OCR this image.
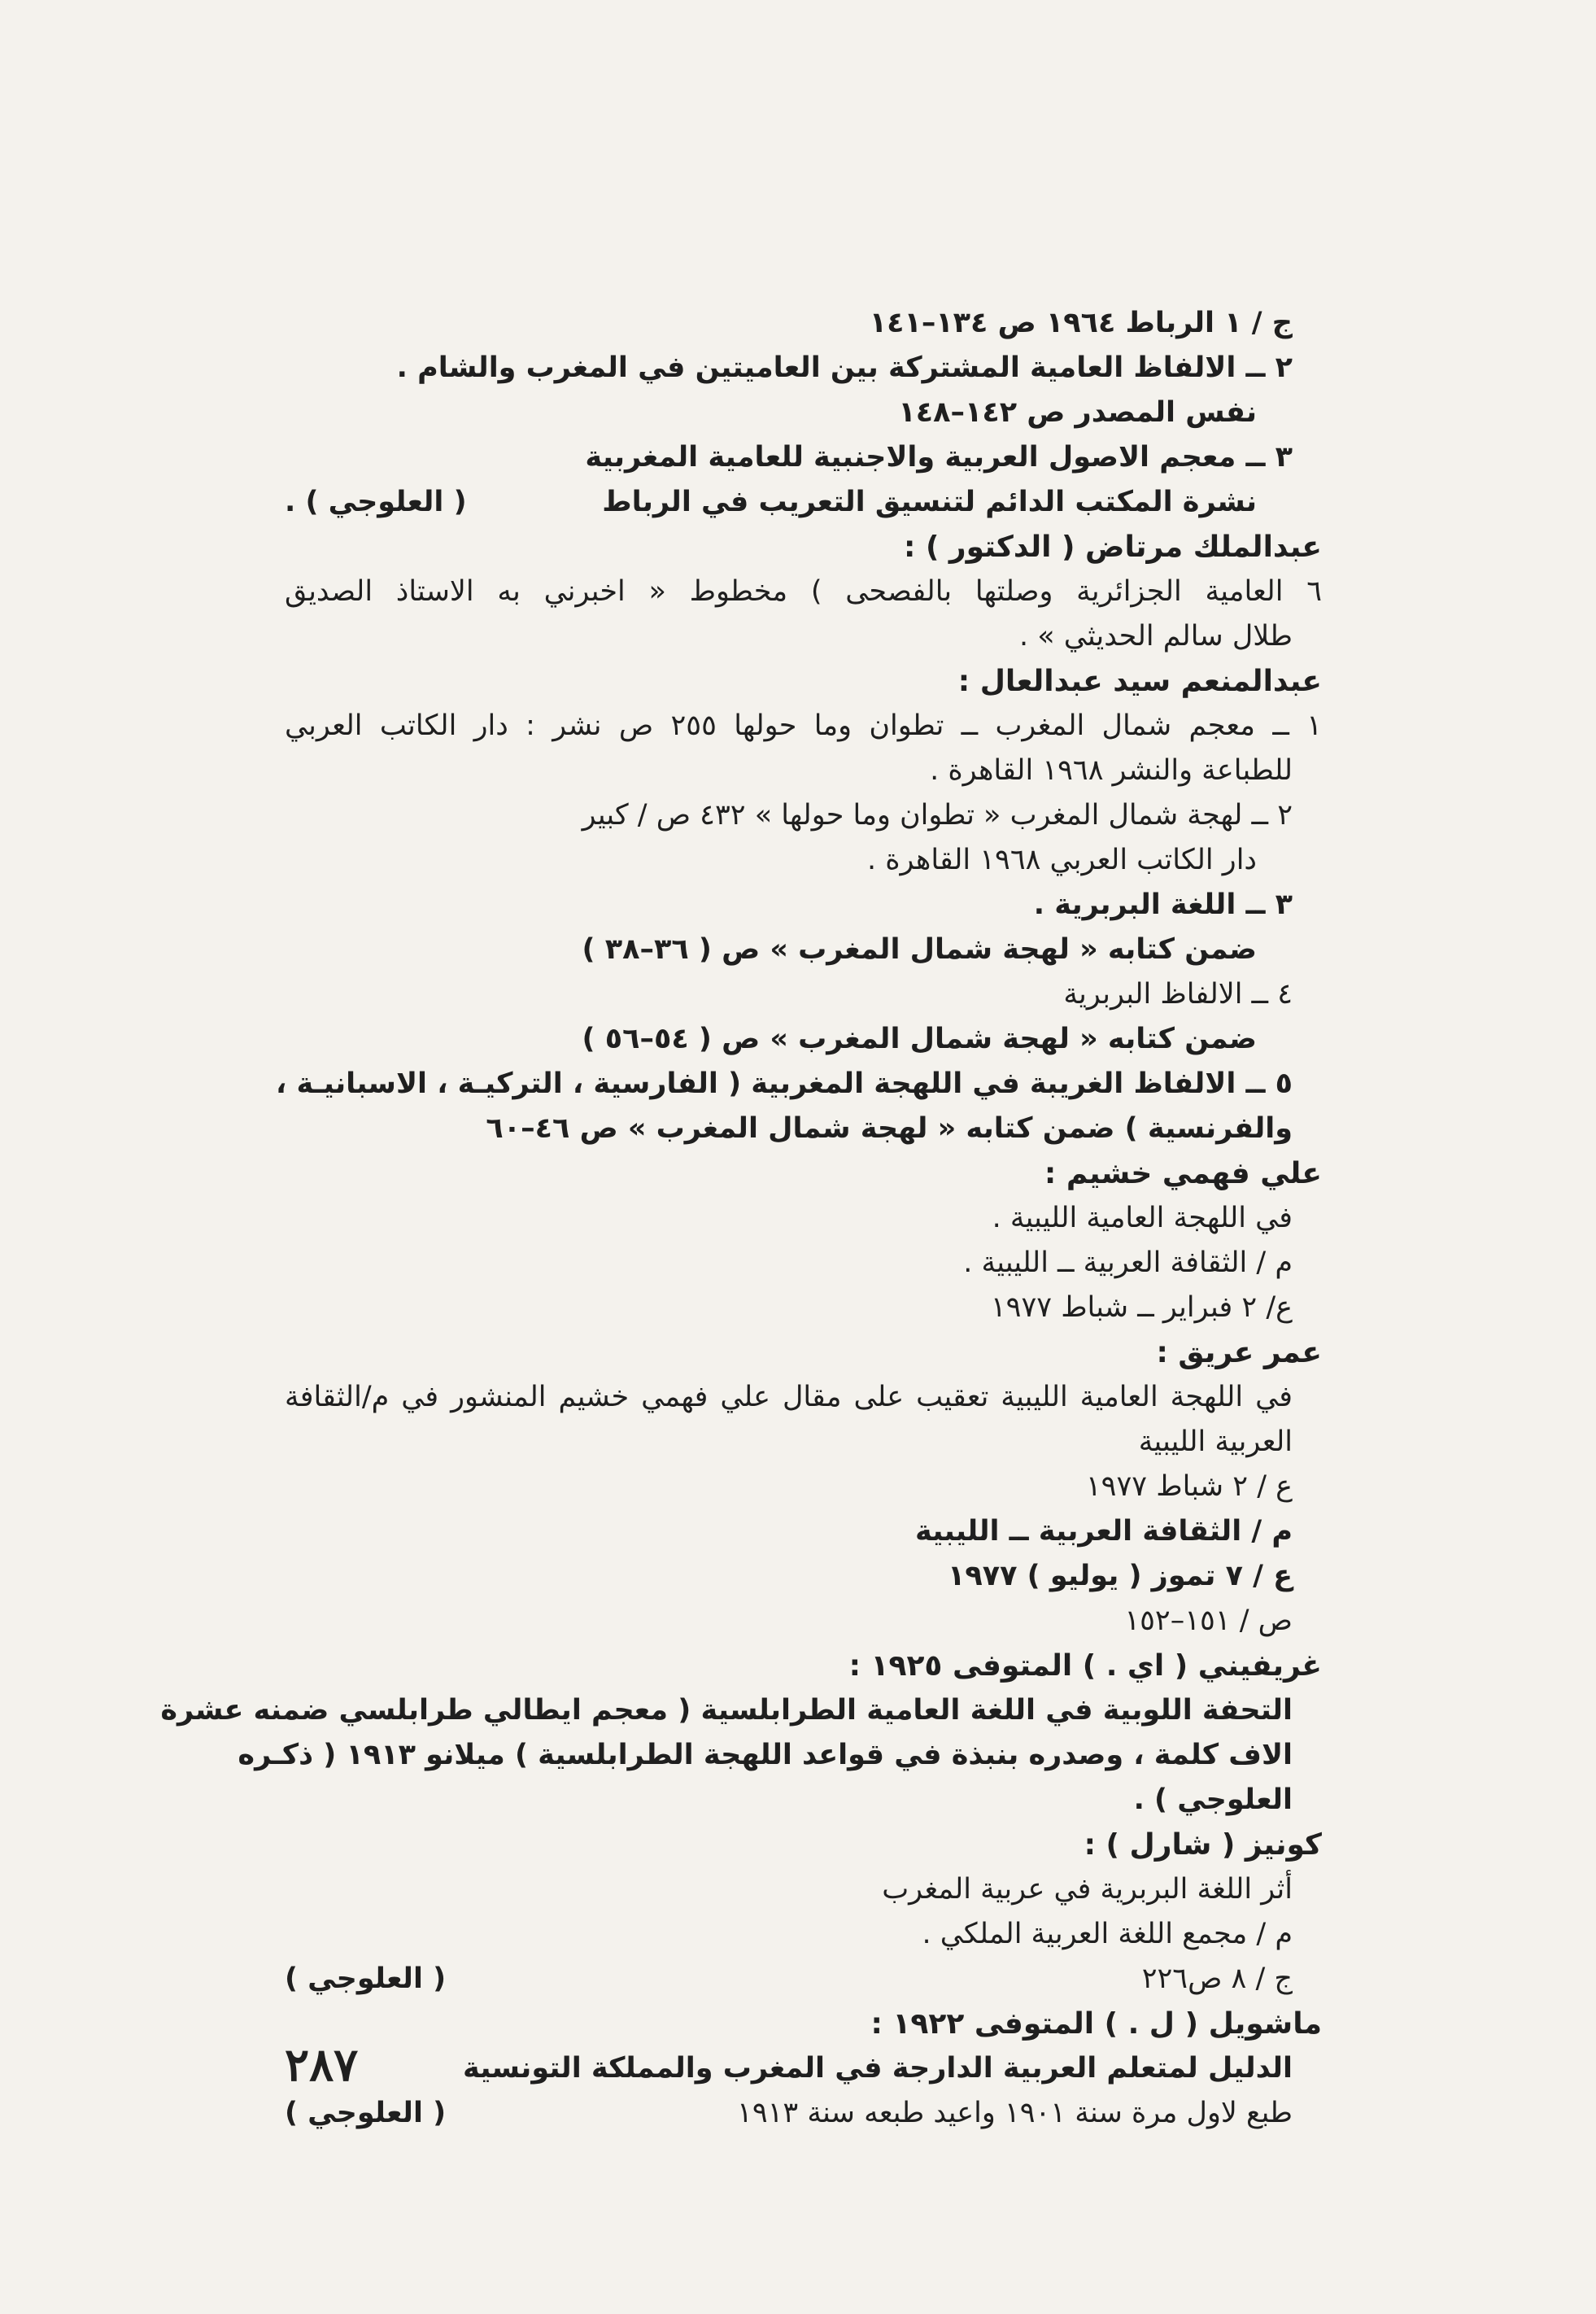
ج / ١ الرباط ١٩٦٤ ص ١٣٤–١٤١
٢ ــ الالفاظ العامية المشتركة بين العاميتين في المغرب والشام .
نفس المصدر ص ١٤٢–١٤٨
٣ ــ معجم الاصول العربية والاجنبية للعامية المغربية
نشرة المكتب الدائم لتنسيق التعريب في الرباط
( العلوجي ) .
عبدالملك مرتاض ( الدكتور ) :
٦ العامية الجزائرية وصلتها بالفصحى ) مخطوط « اخبرني به الاستاذ الصديق
طلال سالم الحديثي » .
عبدالمنعم سيد عبدالعال :
١ ــ معجم شمال المغرب ــ تطوان وما حولها ٢٥٥ ص نشر : دار الكاتب العربي
للطباعة والنشر ١٩٦٨ القاهرة .
٢ ــ لهجة شمال المغرب « تطوان وما حولها » ٤٣٢ ص / كبير
دار الكاتب العربي ١٩٦٨ القاهرة .
٣ ــ اللغة البربرية .
ضمن كتابه « لهجة شمال المغرب » ص ( ٣٦–٣٨ )
٤ ــ الالفاظ البربرية
ضمن كتابه « لهجة شمال المغرب » ص ( ٥٤–٥٦ )
٥ ــ الالفاظ الغريبة في اللهجة المغربية ( الفارسية ، التركيـة ، الاسبانيـة ،
والفرنسية ) ضمن كتابه « لهجة شمال المغرب » ص ٤٦–٦٠
علي فهمي خشيم :
في اللهجة العامية الليبية .
م / الثقافة العربية ــ الليبية .
ع/ ٢ فبراير ــ شباط ١٩٧٧
عمر عريق :
في اللهجة العامية الليبية تعقيب على مقال علي فهمي خشيم المنشور في م/الثقافة
العربية الليبية
ع / ٢ شباط ١٩٧٧
م / الثقافة العربية ــ الليبية
ع / ٧ تموز ( يوليو ) ١٩٧٧
ص / ١٥١–١٥٢
غريفيني ( اي . ) المتوفى ١٩٢٥ :
التحفة اللوبية في اللغة العامية الطرابلسية ( معجم ايطالي طرابلسي ضمنه عشرة
الاف كلمة ، وصدره بنبذة في قواعد اللهجة الطرابلسية ) ميلانو ١٩١٣ ( ذكـره
العلوجي ) .
كونيز ( شارل ) :
أثر اللغة البربرية في عربية المغرب
م / مجمع اللغة العربية الملكي .
ج / ٨ ص٢٢٦
( العلوجي )
ماشويل ( ل . ) المتوفى ١٩٢٢ :
الدليل لمتعلم العربية الدارجة في المغرب والمملكة التونسية
طبع لاول مرة سنة ١٩٠١ واعيد طبعه سنة ١٩١٣
( العلوجي )
٢٨٧
